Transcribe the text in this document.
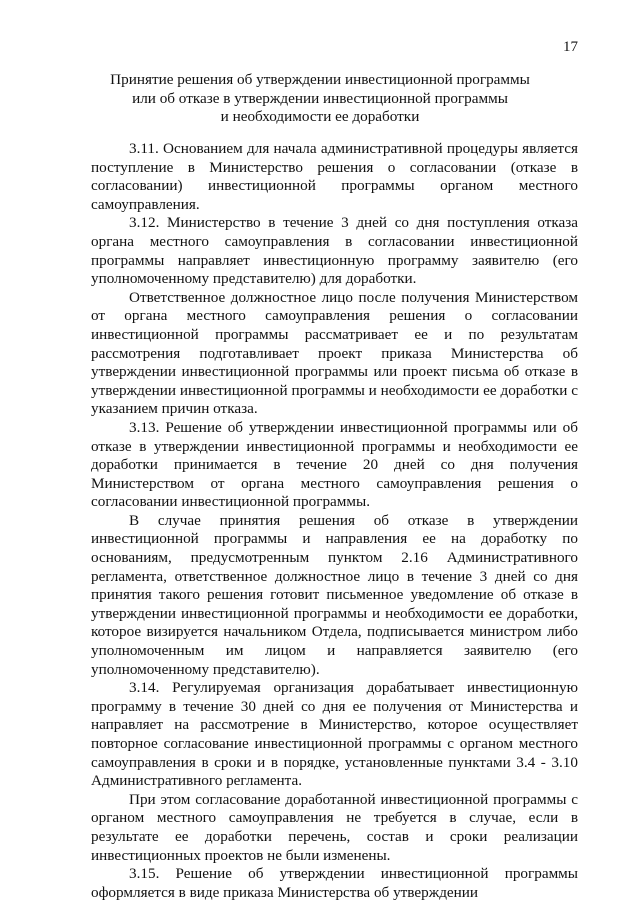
17
Принятие решения об утверждении инвестиционной программы
или об отказе в утверждении инвестиционной программы
и необходимости ее доработки

3.11. Основанием для начала административной процедуры является поступление в Министерство решения о согласовании (отказе в согласовании) инвестиционной программы органом местного самоуправления.

3.12. Министерство в течение 3 дней со дня поступления отказа органа местного самоуправления в согласовании инвестиционной программы направляет инвестиционную программу заявителю (его уполномоченному представителю) для доработки.

Ответственное должностное лицо после получения Министерством от органа местного самоуправления решения о согласовании инвестиционной программы рассматривает ее и по результатам рассмотрения подготавливает проект приказа Министерства об утверждении инвестиционной программы или проект письма об отказе в утверждении инвестиционной программы и необходимости ее доработки с указанием причин отказа.

3.13. Решение об утверждении инвестиционной программы или об отказе в утверждении инвестиционной программы и необходимости ее доработки принимается в течение 20 дней со дня получения Министерством от органа местного самоуправления решения о согласовании инвестиционной программы.

В случае принятия решения об отказе в утверждении инвестиционной программы и направления ее на доработку по основаниям, предусмотренным пунктом 2.16 Административного регламента, ответственное должностное лицо в течение 3 дней со дня принятия такого решения готовит письменное уведомление об отказе в утверждении инвестиционной программы и необходимости ее доработки, которое визируется начальником Отдела, подписывается министром либо уполномоченным им лицом и направляется заявителю (его уполномоченному представителю).

3.14. Регулируемая организация дорабатывает инвестиционную программу в течение 30 дней со дня ее получения от Министерства и направляет на рассмотрение в Министерство, которое осуществляет повторное согласование инвестиционной программы с органом местного самоуправления в сроки и в порядке, установленные пунктами 3.4 - 3.10 Административного регламента.

При этом согласование доработанной инвестиционной программы с органом местного самоуправления не требуется в случае, если в результате ее доработки перечень, состав и сроки реализации инвестиционных проектов не были изменены.

3.15. Решение об утверждении инвестиционной программы оформляется в виде приказа Министерства об утверждении
